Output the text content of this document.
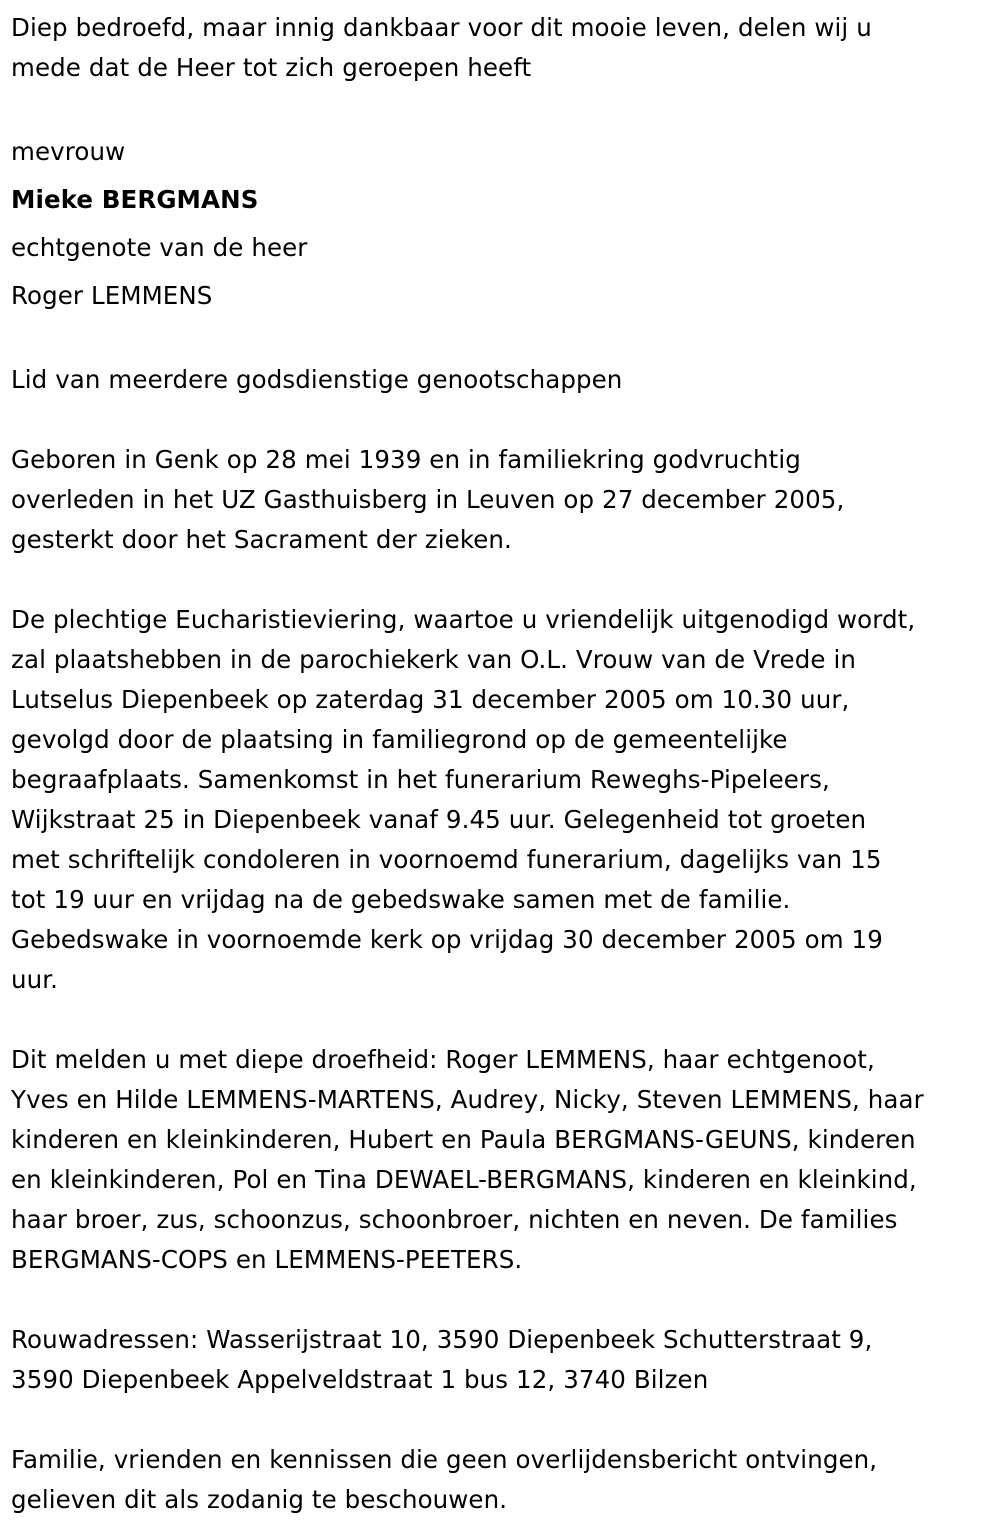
Diep bedroefd, maar innig dankbaar voor dit mooie leven, delen wij u
mede dat de Heer tot zich geroepen heeft
mevrouw
Mieke BERGMANS
echtgenote van de heer
Roger LEMMENS
Lid van meerdere godsdienstige genootschappen
Geboren in Genk op 28 mei 1939 en in familiekring godvruchtig
overleden in het UZ Gasthuisberg in Leuven op 27 december 2005,
gesterkt door het Sacrament der zieken.
De plechtige Eucharistieviering, waartoe u vriendelijk uitgenodigd wordt,
zal plaatshebben in de parochiekerk van O.L. Vrouw van de Vrede in
Lutselus Diepenbeek op zaterdag 31 december 2005 om 10.30 uur,
gevolgd door de plaatsing in familiegrond op de gemeentelijke
begraafplaats. Samenkomst in het funerarium Reweghs-Pipeleers,
Wijkstraat 25 in Diepenbeek vanaf 9.45 uur. Gelegenheid tot groeten
met schriftelijk condoleren in voornoemd funerarium, dagelijks van 15
tot 19 uur en vrijdag na de gebedswake samen met de familie.
Gebedswake in voornoemde kerk op vrijdag 30 december 2005 om 19
uur.
Dit melden u met diepe droefheid: Roger LEMMENS, haar echtgenoot,
Yves en Hilde LEMMENS-MARTENS, Audrey, Nicky, Steven LEMMENS, haar
kinderen en kleinkinderen, Hubert en Paula BERGMANS-GEUNS, kinderen
en kleinkinderen, Pol en Tina DEWAEL-BERGMANS, kinderen en kleinkind,
haar broer, zus, schoonzus, schoonbroer, nichten en neven. De families
BERGMANS-COPS en LEMMENS-PEETERS.
Rouwadressen: Wasserijstraat 10, 3590 Diepenbeek Schutterstraat 9,
3590 Diepenbeek Appelveldstraat 1 bus 12, 3740 Bilzen
Familie, vrienden en kennissen die geen overlijdensbericht ontvingen,
gelieven dit als zodanig te beschouwen.
